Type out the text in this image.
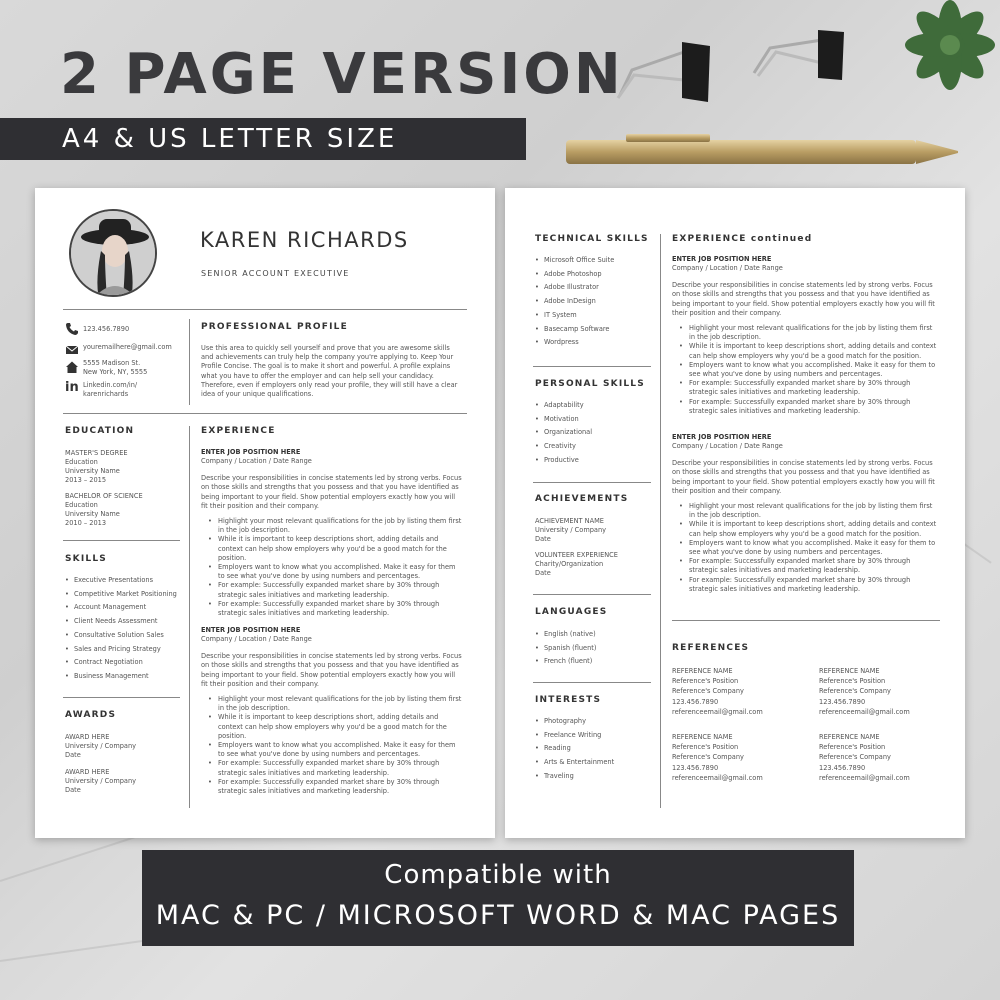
2 PAGE VERSION
A4 & US LETTER SIZE
KAREN RICHARDS
SENIOR ACCOUNT EXECUTIVE
123.456.7890
youremailhere@gmail.com
5555 Madison St.
New York, NY, 5555
in Linkedin.com/in/
karenrichards
PROFESSIONAL PROFILE
Use this area to quickly sell yourself and prove that you are awesome skills and achievements can truly help the company you're applying to. Keep Your Profile Concise. The goal is to make it short and powerful. A profile explains what you have to offer the employer and can help sell your candidacy. Therefore, even if employers only read your profile, they will still have a clear idea of your unique qualifications.
EDUCATION
MASTER'S DEGREE
Education
University Name
2013 – 2015
BACHELOR OF SCIENCE
Education
University Name
2010 – 2013
SKILLS
• Executive Presentations
• Competitive Market Positioning
• Account Management
• Client Needs Assessment
• Consultative Solution Sales
• Sales and Pricing Strategy
• Contract Negotiation
• Business Management
AWARDS
AWARD HERE
University / Company
Date
AWARD HERE
University / Company
Date
EXPERIENCE
ENTER JOB POSITION HERE
Company / Location / Date Range
Describe your responsibilities in concise statements led by strong verbs. Focus on those skills and strengths that you possess and that you have identified as being important to your field. Show potential employers exactly how you will fit their position and their company.
• Highlight your most relevant qualifications for the job by listing them first in the job description.
• While it is important to keep descriptions short, adding details and context can help show employers why you'd be a good match for the position.
• Employers want to know what you accomplished. Make it easy for them to see what you've done by using numbers and percentages.
• For example: Successfully expanded market share by 30% through strategic sales initiatives and marketing leadership.
• For example: Successfully expanded market share by 30% through strategic sales initiatives and marketing leadership.
ENTER JOB POSITION HERE
Company / Location / Date Range
Describe your responsibilities in concise statements led by strong verbs. Focus on those skills and strengths that you possess and that you have identified as being important to your field. Show potential employers exactly how you will fit their position and their company.
• Highlight your most relevant qualifications for the job by listing them first in the job description.
• While it is important to keep descriptions short, adding details and context can help show employers why you'd be a good match for the position.
• Employers want to know what you accomplished. Make it easy for them to see what you've done by using numbers and percentages.
• For example: Successfully expanded market share by 30% through strategic sales initiatives and marketing leadership.
• For example: Successfully expanded market share by 30% through strategic sales initiatives and marketing leadership.
TECHNICAL SKILLS
• Microsoft Office Suite
• Adobe Photoshop
• Adobe Illustrator
• Adobe InDesign
• IT System
• Basecamp Software
• Wordpress
PERSONAL SKILLS
• Adaptability
• Motivation
• Organizational
• Creativity
• Productive
ACHIEVEMENTS
ACHIEVEMENT NAME
University / Company
Date
VOLUNTEER EXPERIENCE
Charity/Organization
Date
LANGUAGES
• English (native)
• Spanish (fluent)
• French (fluent)
INTERESTS
• Photography
• Freelance Writing
• Reading
• Arts & Entertainment
• Traveling
EXPERIENCE continued
ENTER JOB POSITION HERE
Company / Location / Date Range
Describe your responsibilities in concise statements led by strong verbs. Focus on those skills and strengths that you possess and that you have identified as being important to your field. Show potential employers exactly how you will fit their position and their company.
• Highlight your most relevant qualifications for the job by listing them first in the job description.
• While it is important to keep descriptions short, adding details and context can help show employers why you'd be a good match for the position.
• Employers want to know what you accomplished. Make it easy for them to see what you've done by using numbers and percentages.
• For example: Successfully expanded market share by 30% through strategic sales initiatives and marketing leadership.
• For example: Successfully expanded market share by 30% through strategic sales initiatives and marketing leadership.
ENTER JOB POSITION HERE
Company / Location / Date Range
Describe your responsibilities in concise statements led by strong verbs. Focus on those skills and strengths that you possess and that you have identified as being important to your field. Show potential employers exactly how you will fit their position and their company.
• Highlight your most relevant qualifications for the job by listing them first in the job description.
• While it is important to keep descriptions short, adding details and context can help show employers why you'd be a good match for the position.
• Employers want to know what you accomplished. Make it easy for them to see what you've done by using numbers and percentages.
• For example: Successfully expanded market share by 30% through strategic sales initiatives and marketing leadership.
• For example: Successfully expanded market share by 30% through strategic sales initiatives and marketing leadership.
REFERENCES
REFERENCE NAME
Reference's Position
Reference's Company
123.456.7890
referenceemail@gmail.com
REFERENCE NAME
Reference's Position
Reference's Company
123.456.7890
referenceemail@gmail.com
REFERENCE NAME
Reference's Position
Reference's Company
123.456.7890
referenceemail@gmail.com
REFERENCE NAME
Reference's Position
Reference's Company
123.456.7890
referenceemail@gmail.com
Compatible with
MAC & PC / MICROSOFT WORD & MAC PAGES
